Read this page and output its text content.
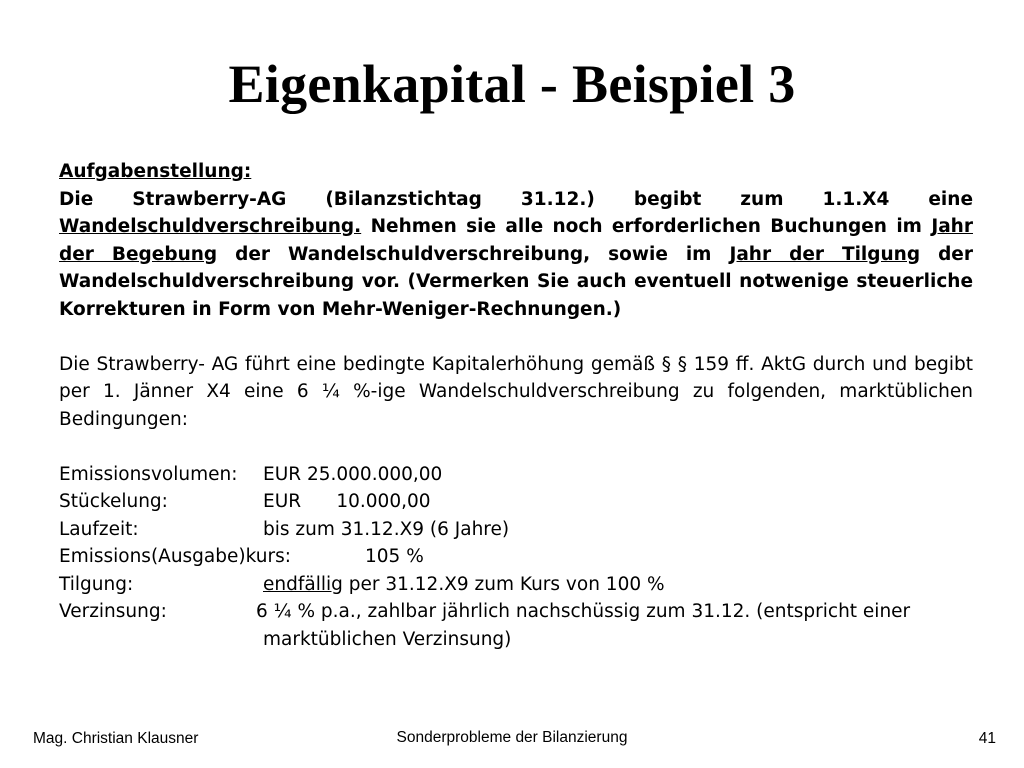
Eigenkapital - Beispiel 3
Aufgabenstellung:

Die Strawberry-AG (Bilanzstichtag 31.12.) begibt zum 1.1.X4 eine Wandelschuldverschreibung. Nehmen sie alle noch erforderlichen Buchungen im Jahr der Begebung der Wandelschuldverschreibung, sowie im Jahr der Tilgung der Wandelschuldverschreibung vor. (Vermerken Sie auch eventuell notwenige steuerliche Korrekturen in Form von Mehr-Weniger-Rechnungen.)

Die Strawberry- AG führt eine bedingte Kapitalerhöhung gemäß § § 159 ff. AktG durch und begibt per 1. Jänner X4 eine 6 ¼ %-ige Wandelschuldverschreibung zu folgenden, marktüblichen Bedingungen:

Emissionsvolumen:	EUR 25.000.000,00
Stückelung:	EUR      10.000,00
Laufzeit:	bis zum 31.12.X9 (6 Jahre)
Emissions(Ausgabe)kurs:	105 %
Tilgung:	endfällig per 31.12.X9 zum Kurs von 100 %
Verzinsung:	6 ¼ % p.a., zahlbar jährlich nachschüssig zum 31.12. (entspricht einer
marktüblichen Verzinsung)
Mag. Christian Klausner	Sonderprobleme der Bilanzierung	41
